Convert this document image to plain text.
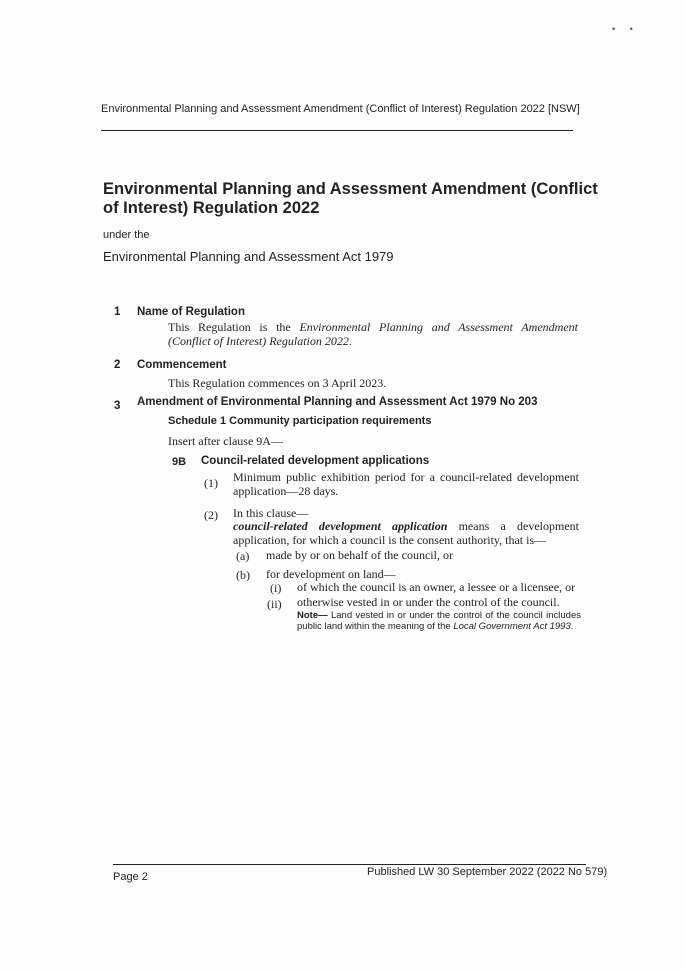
• •
Environmental Planning and Assessment Amendment (Conflict of Interest) Regulation 2022 [NSW]
Environmental Planning and Assessment Amendment (Conflict of Interest) Regulation 2022
under the
Environmental Planning and Assessment Act 1979
1 Name of Regulation
This Regulation is the Environmental Planning and Assessment Amendment (Conflict of Interest) Regulation 2022.
2 Commencement
This Regulation commences on 3 April 2023.
3 Amendment of Environmental Planning and Assessment Act 1979 No 203
Schedule 1 Community participation requirements
Insert after clause 9A—
9B Council-related development applications
(1) Minimum public exhibition period for a council-related development application—28 days.
(2) In this clause—
council-related development application means a development application, for which a council is the consent authority, that is—
(a) made by or on behalf of the council, or
(b) for development on land—
(i) of which the council is an owner, a lessee or a licensee, or
(ii) otherwise vested in or under the control of the council.
Note— Land vested in or under the control of the council includes public land within the meaning of the Local Government Act 1993.
Page 2	Published LW 30 September 2022 (2022 No 579)
